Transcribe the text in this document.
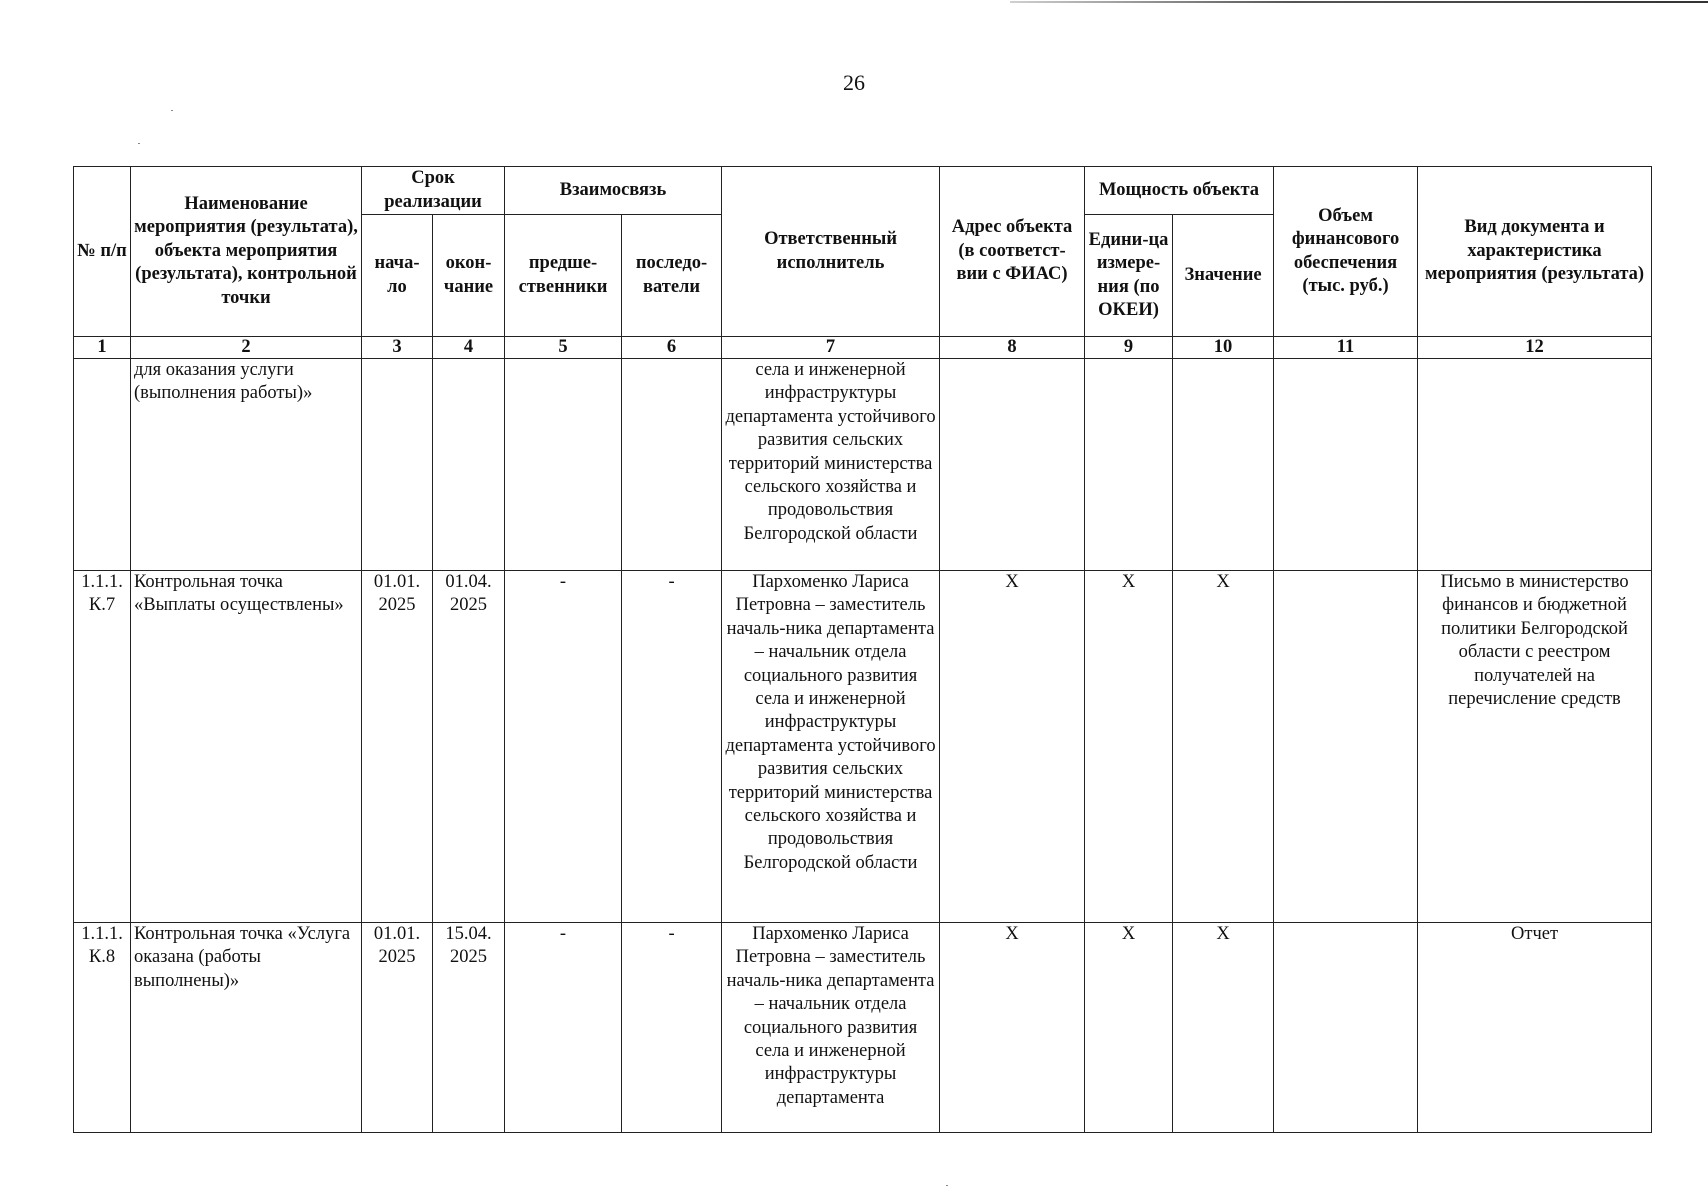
26
№ п/п	Наименование мероприятия (результата), объекта мероприятия (результата), контрольной точки	Срок реализации		Взаимосвязь		Ответственный исполнитель	Адрес объекта (в соответст-вии с ФИАС)	Мощность объекта		Объем финансового обеспечения (тыс. руб.)	Вид документа и характеристика мероприятия (результата)
		нача-ло	окон-чание	предше-ственники	последо-ватели			Едини-ца измере-ния (по ОКЕИ)	Значение		
1	2	3	4	5	6	7	8	9	10	11	12
	для оказания услуги (выполнения работы)»					села и инженерной инфраструктуры департамента устойчивого развития сельских территорий министерства сельского хозяйства и продовольствия Белгородской области					
1.1.1. К.7	Контрольная точка «Выплаты осуществлены»	01.01. 2025	01.04. 2025	-	-	Пархоменко Лариса Петровна – заместитель началь-ника департамента – начальник отдела социального развития села и инженерной инфраструктуры департамента устойчивого развития сельских территорий министерства сельского хозяйства и продовольствия Белгородской области	Х	Х	Х		Письмо в министерство финансов и бюджетной политики Белгородской области с реестром получателей на перечисление средств
1.1.1. К.8	Контрольная точка «Услуга оказана (работы выполнены)»	01.01. 2025	15.04. 2025	-	-	Пархоменко Лариса Петровна – заместитель началь-ника департамента – начальник отдела социального развития села и инженерной инфраструктуры департамента	Х	Х	Х		Отчет
